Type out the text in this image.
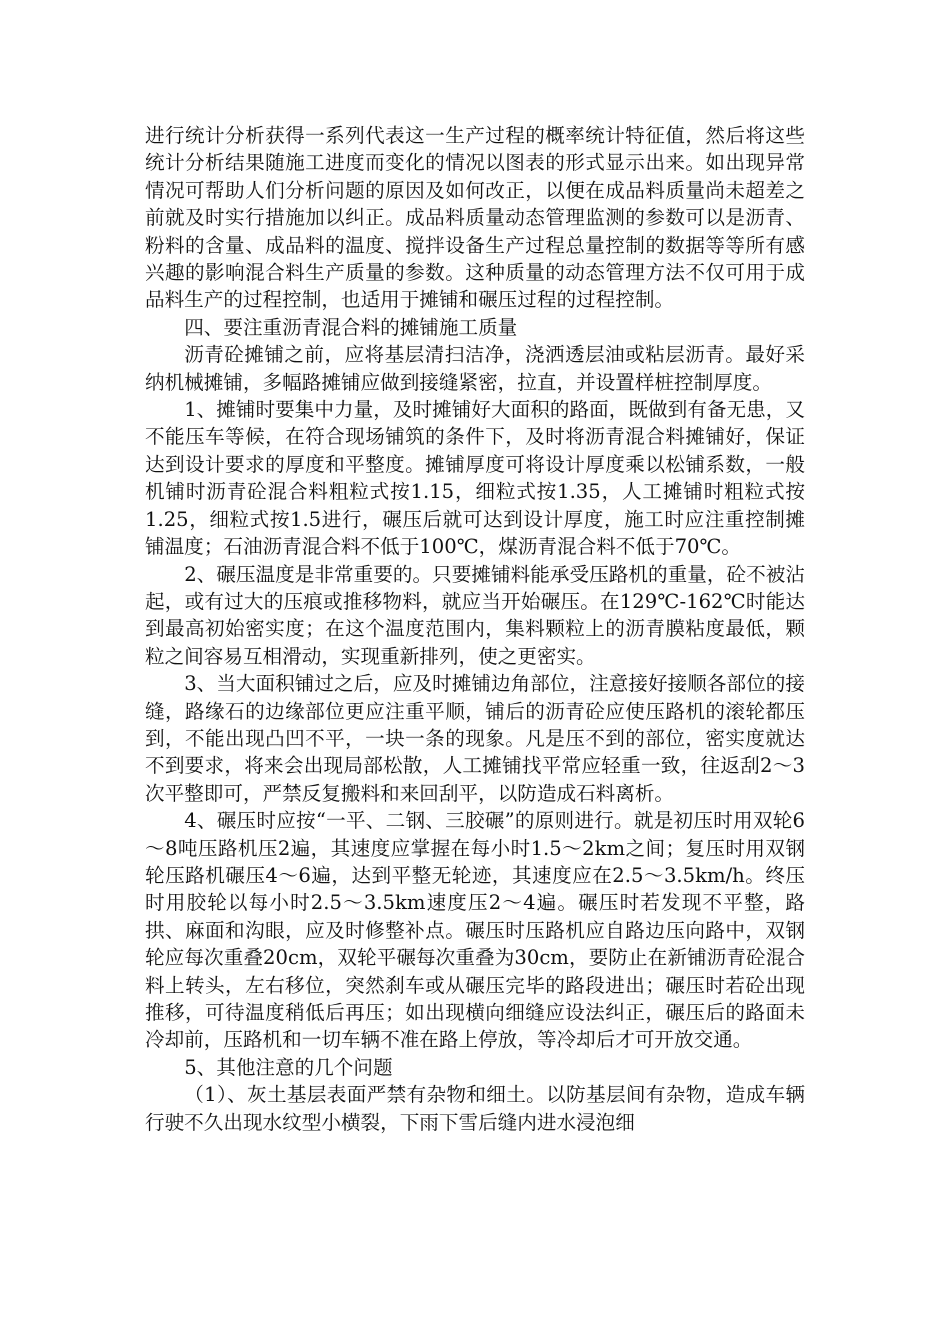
进行统计分析获得一系列代表这一生产过程的概率统计特征值，然后将这些统计分析结果随施工进度而变化的情况以图表的形式显示出来。如出现异常情况可帮助人们分析问题的原因及如何改正，以便在成品料质量尚未超差之前就及时实行措施加以纠正。成品料质量动态管理监测的参数可以是沥青、粉料的含量、成品料的温度、搅拌设备生产过程总量控制的数据等等所有感兴趣的影响混合料生产质量的参数。这种质量的动态管理方法不仅可用于成品料生产的过程控制，也适用于摊铺和碾压过程的过程控制。

四、要注重沥青混合料的摊铺施工质量

沥青砼摊铺之前，应将基层清扫洁净，浇洒透层油或粘层沥青。最好采纳机械摊铺，多幅路摊铺应做到接缝紧密，拉直，并设置样桩控制厚度。

1、摊铺时要集中力量，及时摊铺好大面积的路面，既做到有备无患，又不能压车等候，在符合现场铺筑的条件下，及时将沥青混合料摊铺好，保证达到设计要求的厚度和平整度。摊铺厚度可将设计厚度乘以松铺系数，一般机铺时沥青砼混合料粗粒式按1.15，细粒式按1.35，人工摊铺时粗粒式按1.25，细粒式按1.5进行，碾压后就可达到设计厚度，施工时应注重控制摊铺温度；石油沥青混合料不低于100℃，煤沥青混合料不低于70℃。

2、碾压温度是非常重要的。只要摊铺料能承受压路机的重量，砼不被沾起，或有过大的压痕或推移物料，就应当开始碾压。在129℃-162℃时能达到最高初始密实度；在这个温度范围内，集料颗粒上的沥青膜粘度最低，颗粒之间容易互相滑动，实现重新排列，使之更密实。

3、当大面积铺过之后，应及时摊铺边角部位，注意接好接顺各部位的接缝，路缘石的边缘部位更应注重平顺，铺后的沥青砼应使压路机的滚轮都压到，不能出现凸凹不平，一块一条的现象。凡是压不到的部位，密实度就达不到要求，将来会出现局部松散，人工摊铺找平常应轻重一致，往返刮2～3次平整即可，严禁反复搬料和来回刮平，以防造成石料离析。

4、碾压时应按“一平、二钢、三胶碾”的原则进行。就是初压时用双轮6～8吨压路机压2遍，其速度应掌握在每小时1.5～2km之间；复压时用双钢轮压路机碾压4～6遍，达到平整无轮迹，其速度应在2.5～3.5km/h。终压时用胶轮以每小时2.5～3.5km速度压2～4遍。碾压时若发现不平整，路拱、麻面和沟眼，应及时修整补点。碾压时压路机应自路边压向路中，双钢轮应每次重叠20cm，双轮平碾每次重叠为30cm，要防止在新铺沥青砼混合料上转头，左右移位，突然刹车或从碾压完毕的路段进出；碾压时若砼出现推移，可待温度稍低后再压；如出现横向细缝应设法纠正，碾压后的路面未冷却前，压路机和一切车辆不准在路上停放，等冷却后才可开放交通。

5、其他注意的几个问题

（1）、灰土基层表面严禁有杂物和细土。以防基层间有杂物，造成车辆行驶不久出现水纹型小横裂，下雨下雪后缝内进水浸泡细
